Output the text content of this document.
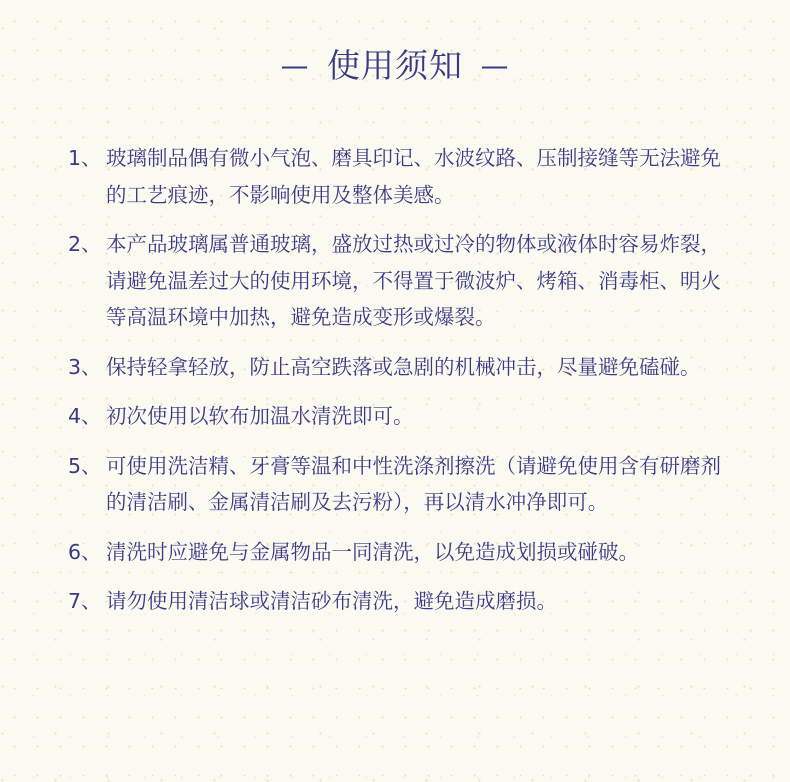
— 使用须知 —
1、 玻璃制品偶有微小气泡、磨具印记、水波纹路、压制接缝等无法避免的工艺痕迹，不影响使用及整体美感。
2、 本产品玻璃属普通玻璃，盛放过热或过冷的物体或液体时容易炸裂，请避免温差过大的使用环境，不得置于微波炉、烤箱、消毒柜、明火等高温环境中加热，避免造成变形或爆裂。
3、 保持轻拿轻放，防止高空跌落或急剧的机械冲击，尽量避免磕碰。
4、 初次使用以软布加温水清洗即可。
5、 可使用洗洁精、牙膏等温和中性洗涤剂擦洗（请避免使用含有研磨剂的清洁刷、金属清洁刷及去污粉），再以清水冲净即可。
6、 清洗时应避免与金属物品一同清洗，以免造成划损或碰破。
7、 请勿使用清洁球或清洁砂布清洗，避免造成磨损。
